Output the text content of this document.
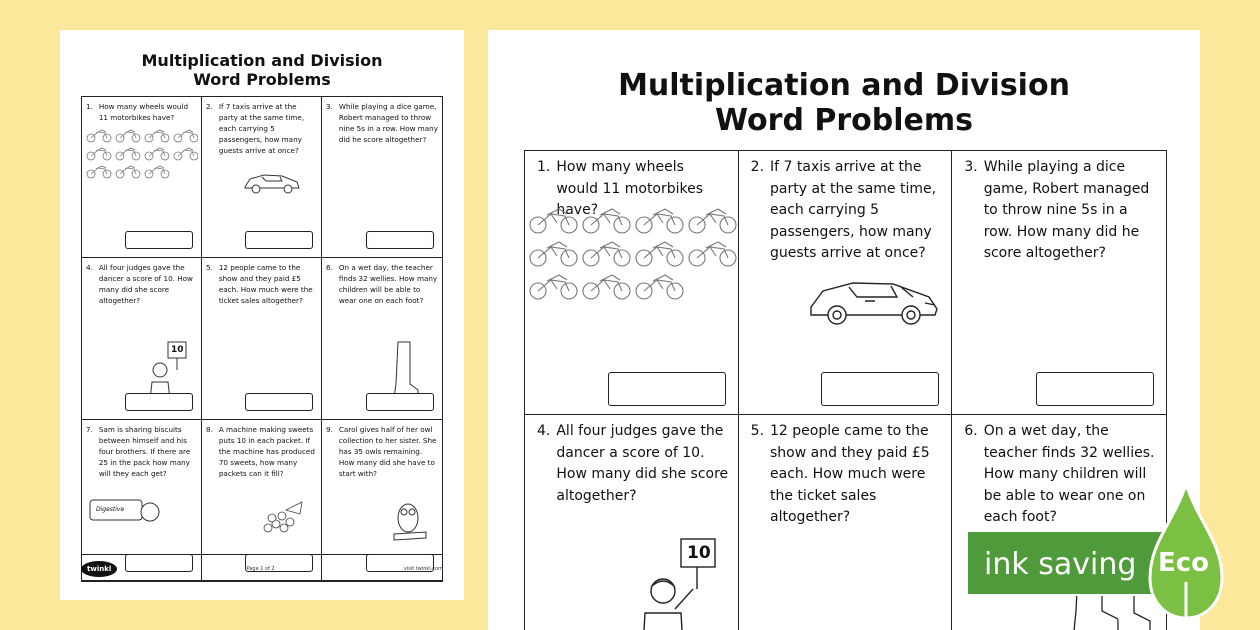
Multiplication and Division
Word Problems
1. How many wheels would 11 motorbikes have?
2. If 7 taxis arrive at the party at the same time, each carrying 5 passengers, how many guests arrive at once?
3. While playing a dice game, Robert managed to throw nine 5s in a row. How many did he score altogether?
4. All four judges gave the dancer a score of 10. How many did she score altogether?
10
5. 12 people came to the show and they paid £5 each. How much were the ticket sales altogether?
6. On a wet day, the teacher finds 32 wellies. How many children will be able to wear one on each foot?
7. Sam is sharing biscuits between himself and his four brothers. If there are 25 in the pack how many will they each get?
Digestive
8. A machine making sweets puts 10 in each packet. If the machine has produced 70 sweets, how many packets can it fill?
9. Carol gives half of her owl collection to her sister. She has 35 owls remaining. How many did she have to start with?
twinkl	Page 1 of 2	visit twinkl.com
Multiplication and Division
Word Problems
1. How many wheels would 11 motorbikes have?
2. If 7 taxis arrive at the party at the same time, each carrying 5 passengers, how many guests arrive at once?
3. While playing a dice game, Robert managed to throw nine 5s in a row. How many did he score altogether?
4. All four judges gave the dancer a score of 10. How many did she score altogether?
10
5. 12 people came to the show and they paid £5 each. How much were the ticket sales altogether?
6. On a wet day, the teacher finds 32 wellies. How many children will be able to wear one on each foot?
ink saving Eco
